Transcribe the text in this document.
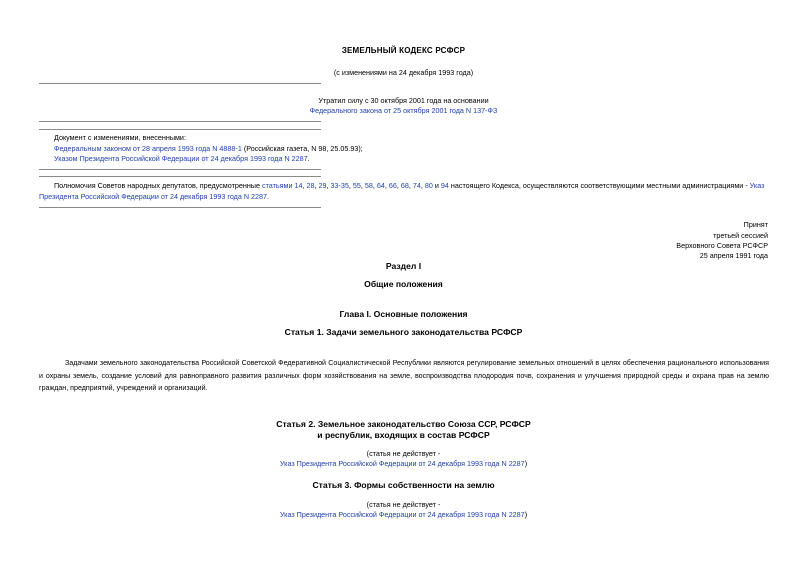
ЗЕМЕЛЬНЫЙ КОДЕКС РСФСР
(с изменениями на 24 декабря 1993 года)
Утратил силу с 30 октября 2001 года на основании
Федерального закона от 25 октября 2001 года N 137-ФЗ
Документ с изменениями, внесенными:
Федеральным законом от 28 апреля 1993 года N 4888-1 (Российская газета, N 98, 25.05.93);
Указом Президента Российской Федерации от 24 декабря 1993 года N 2287.
Полномочия Советов народных депутатов, предусмотренные статьями 14, 28, 29, 33-35, 55, 58, 64, 66, 68, 74, 80 и 94 настоящего Кодекса, осуществляются соответствующими местными администрациями - Указ
Президента Российской Федерации от 24 декабря 1993 года N 2287.
Принят
третьей сессией
Верховного Совета РСФСР
25 апреля 1991 года
Раздел I
Общие положения
Глава I. Основные положения
Статья 1. Задачи земельного законодательства РСФСР
Задачами земельного законодательства Российской Советской Федеративной Социалистической Республики являются регулирование земельных отношений в целях обеспечения рационального использования и охраны земель, создание условий для равноправного развития различных форм хозяйствования на земле, воспроизводства плодородия почв, сохранения и улучшения природной среды и охрана прав на землю граждан, предприятий, учреждений и организаций.
Статья 2. Земельное законодательство Союза ССР, РСФСР
и республик, входящих в состав РСФСР
(статья не действует -
Указ Президента Российской Федерации от 24 декабря 1993 года N 2287)
Статья 3. Формы собственности на землю
(статья не действует -
Указ Президента Российской Федерации от 24 декабря 1993 года N 2287)
